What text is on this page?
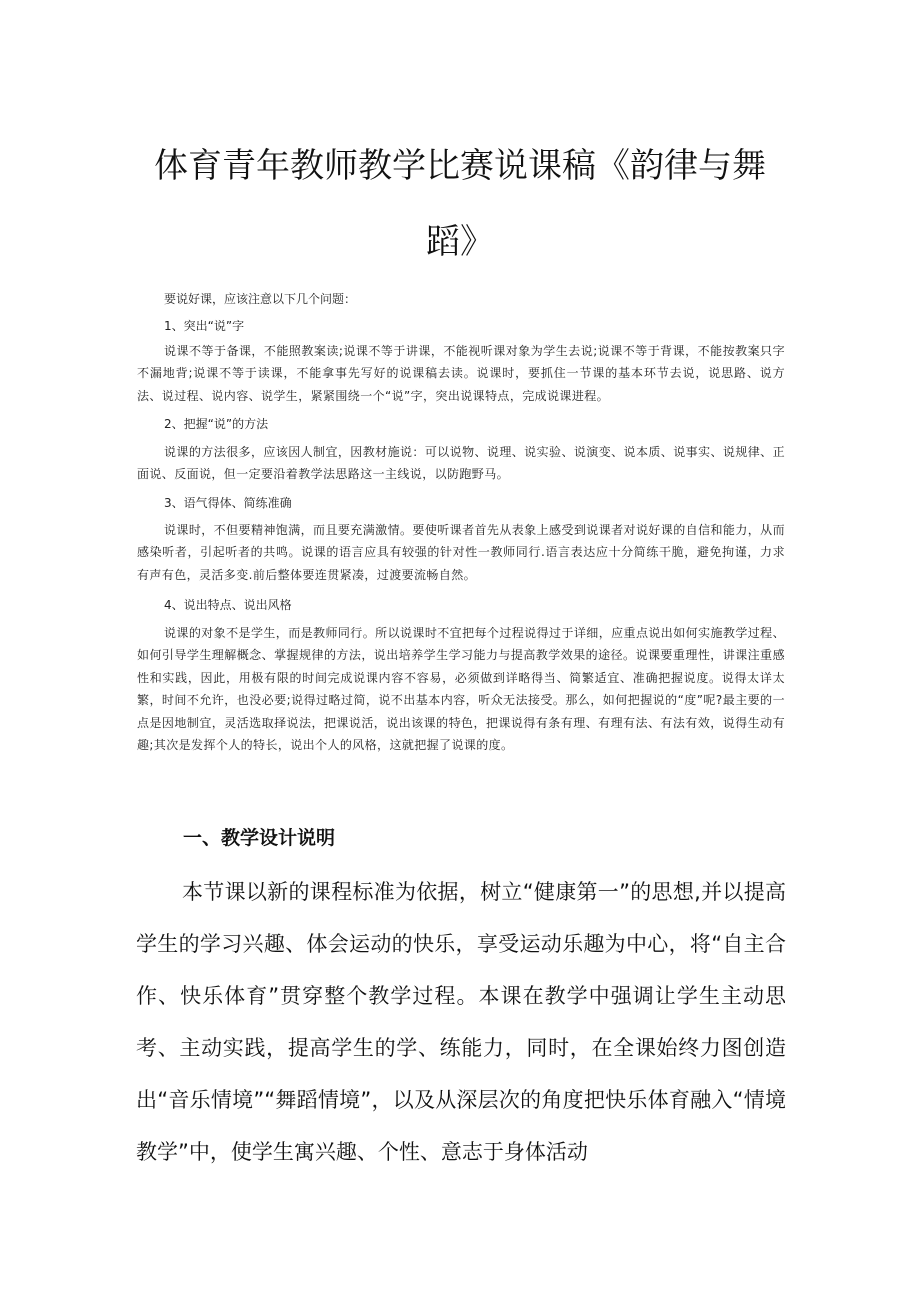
体育青年教师教学比赛说课稿《韵律与舞
蹈》
要说好课，应该注意以下几个问题：
1、突出“说”字
说课不等于备课，不能照教案读;说课不等于讲课，不能视听课对象为学生去说;说课不等于背课，不能按教案只字不漏地背;说课不等于读课，不能拿事先写好的说课稿去读。说课时，要抓住一节课的基本环节去说，说思路、说方法、说过程、说内容、说学生，紧紧围绕一个“说”字，突出说课特点，完成说课进程。
2、把握“说”的方法
说课的方法很多，应该因人制宜，因教材施说：可以说物、说理、说实验、说演变、说本质、说事实、说规律、正面说、反面说，但一定要沿着教学法思路这一主线说，以防跑野马。
3、语气得体、简练准确
说课时，不但要精神饱满，而且要充满激情。要使听课者首先从表象上感受到说课者对说好课的自信和能力，从而感染听者，引起听者的共鸣。说课的语言应具有较强的针对性一教师同行.语言表达应十分简练干脆，避免拘谨，力求有声有色，灵活多变.前后整体要连贯紧凑，过渡要流畅自然。
4、说出特点、说出风格
说课的对象不是学生，而是教师同行。所以说课时不宜把每个过程说得过于详细，应重点说出如何实施教学过程、如何引导学生理解概念、掌握规律的方法，说出培养学生学习能力与提高教学效果的途径。说课要重理性，讲课注重感性和实践，因此，用极有限的时间完成说课内容不容易，必须做到详略得当、简繁适宜、准确把握说度。说得太详太繁，时间不允许，也没必要;说得过略过简，说不出基本内容，听众无法接受。那么，如何把握说的“度”呢?最主要的一点是因地制宜，灵活选取择说法，把课说活，说出该课的特色，把课说得有条有理、有理有法、有法有效，说得生动有趣;其次是发挥个人的特长，说出个人的风格，这就把握了说课的度。
一、教学设计说明
本节课以新的课程标准为依据，树立“健康第一”的思想,并以提高学生的学习兴趣、体会运动的快乐，享受运动乐趣为中心，将“自主合作、快乐体育”贯穿整个教学过程。本课在教学中强调让学生主动思考、主动实践，提高学生的学、练能力，同时，在全课始终力图创造出“音乐情境”“舞蹈情境”，以及从深层次的角度把快乐体育融入“情境教学”中，使学生寓兴趣、个性、意志于身体活动
